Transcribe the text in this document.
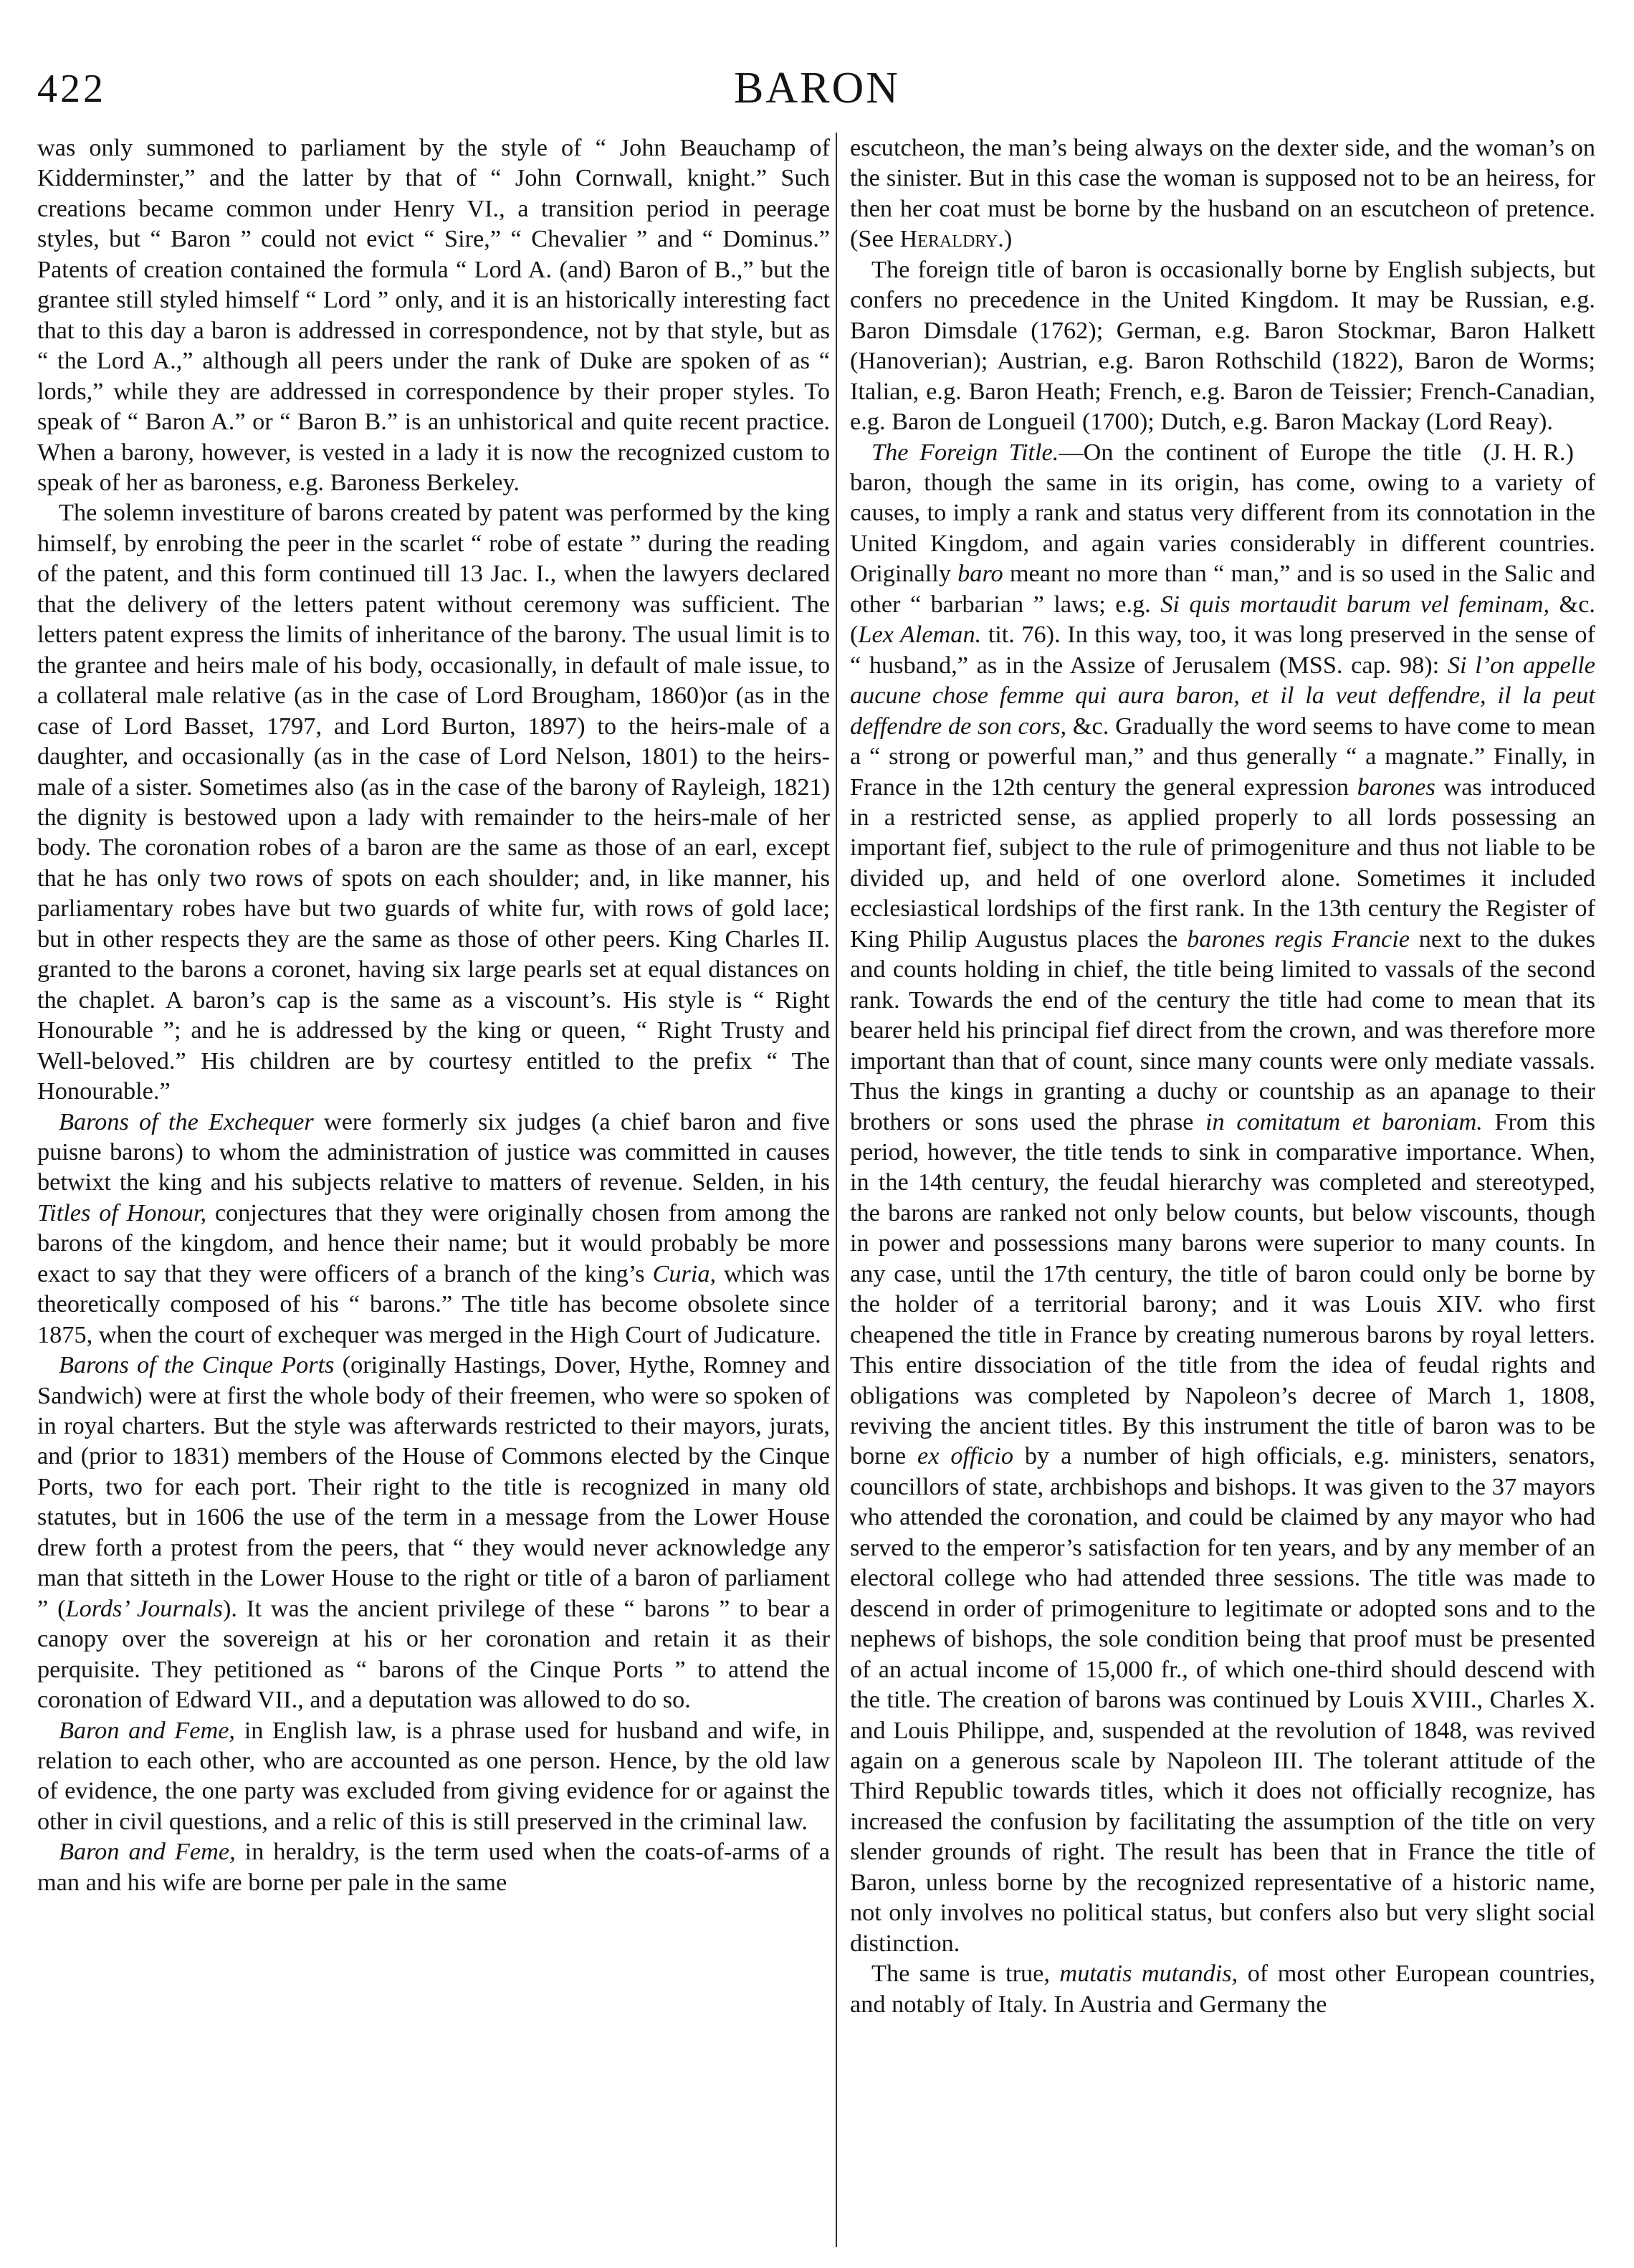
422	BARON

was only summoned to parliament by the style of “ John Beauchamp of Kidderminster,” and the latter by that of “ John Cornwall, knight.” Such creations became common under Henry VI., a transition period in peerage styles, but “ Baron ” could not evict “ Sire,” “ Chevalier ” and “ Dominus.” Patents of creation contained the formula “ Lord A. (and) Baron of B.,” but the grantee still styled himself “ Lord ” only, and it is an historically interesting fact that to this day a baron is addressed in correspondence, not by that style, but as “ the Lord A.,” although all peers under the rank of Duke are spoken of as “ lords,” while they are addressed in correspondence by their proper styles. To speak of “ Baron A.” or “ Baron B.” is an unhistorical and quite recent practice. When a barony, however, is vested in a lady it is now the recognized custom to speak of her as baroness, e.g. Baroness Berkeley.

The solemn investiture of barons created by patent was performed by the king himself, by enrobing the peer in the scarlet “ robe of estate ” during the reading of the patent, and this form continued till 13 Jac. I., when the lawyers declared that the delivery of the letters patent without ceremony was sufficient. The letters patent express the limits of inheritance of the barony. The usual limit is to the grantee and heirs male of his body, occasionally, in default of male issue, to a collateral male relative (as in the case of Lord Brougham, 1860)or (as in the case of Lord Basset, 1797, and Lord Burton, 1897) to the heirs-male of a daughter, and occasionally (as in the case of Lord Nelson, 1801) to the heirs-male of a sister. Sometimes also (as in the case of the barony of Rayleigh, 1821) the dignity is bestowed upon a lady with remainder to the heirs-male of her body. The coronation robes of a baron are the same as those of an earl, except that he has only two rows of spots on each shoulder; and, in like manner, his parliamentary robes have but two guards of white fur, with rows of gold lace; but in other respects they are the same as those of other peers. King Charles II. granted to the barons a coronet, having six large pearls set at equal distances on the chaplet. A baron’s cap is the same as a viscount’s. His style is “ Right Honourable ”; and he is addressed by the king or queen, “ Right Trusty and Well-beloved.” His children are by courtesy entitled to the prefix “ The Honourable.”

Barons of the Exchequer were formerly six judges (a chief baron and five puisne barons) to whom the administration of justice was committed in causes betwixt the king and his subjects relative to matters of revenue. Selden, in his Titles of Honour, conjectures that they were originally chosen from among the barons of the kingdom, and hence their name; but it would probably be more exact to say that they were officers of a branch of the king’s Curia, which was theoretically composed of his “ barons.” The title has become obsolete since 1875, when the court of exchequer was merged in the High Court of Judicature.

Barons of the Cinque Ports (originally Hastings, Dover, Hythe, Romney and Sandwich) were at first the whole body of their freemen, who were so spoken of in royal charters. But the style was afterwards restricted to their mayors, jurats, and (prior to 1831) members of the House of Commons elected by the Cinque Ports, two for each port. Their right to the title is recognized in many old statutes, but in 1606 the use of the term in a message from the Lower House drew forth a protest from the peers, that “ they would never acknowledge any man that sitteth in the Lower House to the right or title of a baron of parliament ” (Lords’ Journals). It was the ancient privilege of these “ barons ” to bear a canopy over the sovereign at his or her coronation and retain it as their perquisite. They petitioned as “ barons of the Cinque Ports ” to attend the coronation of Edward VII., and a deputation was allowed to do so.

Baron and Feme, in English law, is a phrase used for husband and wife, in relation to each other, who are accounted as one person. Hence, by the old law of evidence, the one party was excluded from giving evidence for or against the other in civil questions, and a relic of this is still preserved in the criminal law.

Baron and Feme, in heraldry, is the term used when the coats-of-arms of a man and his wife are borne per pale in the same

escutcheon, the man’s being always on the dexter side, and the woman’s on the sinister. But in this case the woman is supposed not to be an heiress, for then her coat must be borne by the husband on an escutcheon of pretence. (See Heraldry.)

The foreign title of baron is occasionally borne by English subjects, but confers no precedence in the United Kingdom. It may be Russian, e.g. Baron Dimsdale (1762); German, e.g. Baron Stockmar, Baron Halkett (Hanoverian); Austrian, e.g. Baron Rothschild (1822), Baron de Worms; Italian, e.g. Baron Heath; French, e.g. Baron de Teissier; French-Canadian, e.g. Baron de Longueil (1700); Dutch, e.g. Baron Mackay (Lord Reay).
(J. H. R.)

The Foreign Title.—On the continent of Europe the title baron, though the same in its origin, has come, owing to a variety of causes, to imply a rank and status very different from its connotation in the United Kingdom, and again varies considerably in different countries. Originally baro meant no more than “ man,” and is so used in the Salic and other “ barbarian ” laws; e.g. Si quis mortaudit barum vel feminam, &c. (Lex Aleman. tit. 76). In this way, too, it was long preserved in the sense of “ husband,” as in the Assize of Jerusalem (MSS. cap. 98): Si l’on appelle aucune chose femme qui aura baron, et il la veut deffendre, il la peut deffendre de son cors, &c. Gradually the word seems to have come to mean a “ strong or powerful man,” and thus generally “ a magnate.” Finally, in France in the 12th century the general expression barones was introduced in a restricted sense, as applied properly to all lords possessing an important fief, subject to the rule of primogeniture and thus not liable to be divided up, and held of one overlord alone. Sometimes it included ecclesiastical lordships of the first rank. In the 13th century the Register of King Philip Augustus places the barones regis Francie next to the dukes and counts holding in chief, the title being limited to vassals of the second rank. Towards the end of the century the title had come to mean that its bearer held his principal fief direct from the crown, and was therefore more important than that of count, since many counts were only mediate vassals. Thus the kings in granting a duchy or countship as an apanage to their brothers or sons used the phrase in comitatum et baroniam. From this period, however, the title tends to sink in comparative importance. When, in the 14th century, the feudal hierarchy was completed and stereotyped, the barons are ranked not only below counts, but below viscounts, though in power and possessions many barons were superior to many counts. In any case, until the 17th century, the title of baron could only be borne by the holder of a territorial barony; and it was Louis XIV. who first cheapened the title in France by creating numerous barons by royal letters. This entire dissociation of the title from the idea of feudal rights and obligations was completed by Napoleon’s decree of March 1, 1808, reviving the ancient titles. By this instrument the title of baron was to be borne ex officio by a number of high officials, e.g. ministers, senators, councillors of state, archbishops and bishops. It was given to the 37 mayors who attended the coronation, and could be claimed by any mayor who had served to the emperor’s satisfaction for ten years, and by any member of an electoral college who had attended three sessions. The title was made to descend in order of primogeniture to legitimate or adopted sons and to the nephews of bishops, the sole condition being that proof must be presented of an actual income of 15,000 fr., of which one-third should descend with the title. The creation of barons was continued by Louis XVIII., Charles X. and Louis Philippe, and, suspended at the revolution of 1848, was revived again on a generous scale by Napoleon III. The tolerant attitude of the Third Republic towards titles, which it does not officially recognize, has increased the confusion by facilitating the assumption of the title on very slender grounds of right. The result has been that in France the title of Baron, unless borne by the recognized representative of a historic name, not only involves no political status, but confers also but very slight social distinction.

The same is true, mutatis mutandis, of most other European countries, and notably of Italy. In Austria and Germany the
